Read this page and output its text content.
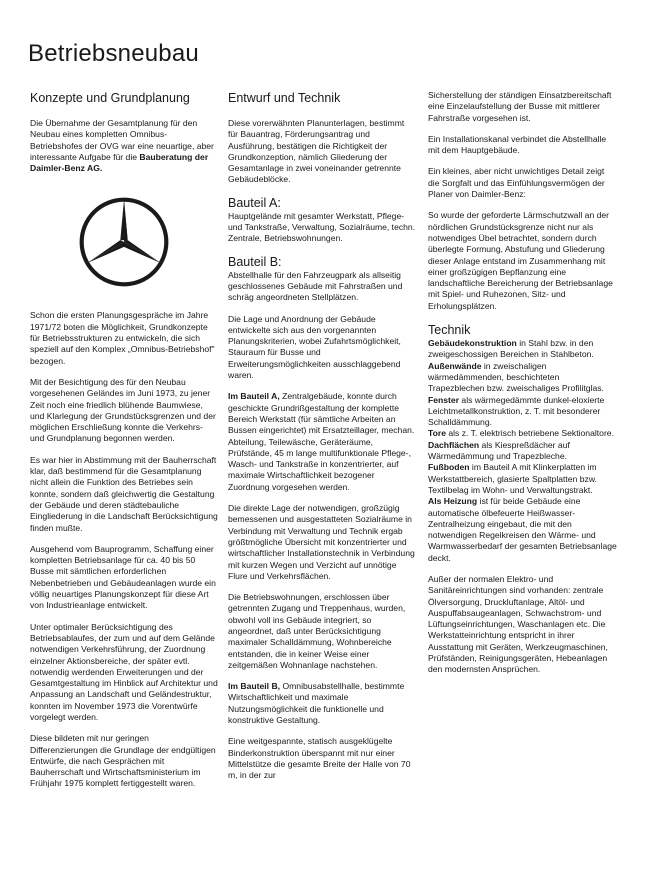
Betriebsneubau
Konzepte und Grundplanung

Die Übernahme der Gesamtplanung für den Neubau eines kompletten Omnibus-Betriebshofes der OVG war eine neuartige, aber interessante Aufgabe für die Bauberatung der Daimler-Benz AG.

Schon die ersten Planungsgespräche im Jahre 1971/72 boten die Möglichkeit, Grundkonzepte für Betriebsstrukturen zu entwickeln, die sich speziell auf den Komplex „Omnibus-Betriebshof" bezogen.

Mit der Besichtigung des für den Neubau vorgesehenen Geländes im Juni 1973, zu jener Zeit noch eine friedlich blühende Baumwiese, und Klarlegung der Grundstücksgrenzen und der möglichen Erschließung konnte die Verkehrs- und Grundplanung begonnen werden.

Es war hier in Abstimmung mit der Bauherrschaft klar, daß bestimmend für die Gesamtplanung nicht allein die Funktion des Betriebes sein konnte, sondern daß gleichwertig die Gestaltung der Gebäude und deren städtebauliche Eingliederung in die Landschaft Berücksichtigung finden mußte.

Ausgehend vom Bauprogramm, Schaffung einer kompletten Betriebsanlage für ca. 40 bis 50 Busse mit sämtlichen erforderlichen Nebenbetrieben und Gebäudeanlagen wurde ein völlig neuartiges Planungskonzept für diese Art von Industrieanlage entwickelt.

Unter optimaler Berücksichtigung des Betriebsablaufes, der zum und auf dem Gelände notwendigen Verkehrsführung, der Zuordnung einzelner Aktionsbereiche, der später evtl. notwendig werdenden Erweiterungen und der Gesamtgestaltung im Hinblick auf Architektur und Anpassung an Landschaft und Geländestruktur, konnten im November 1973 die Vorentwürfe vorgelegt werden.

Diese bildeten mit nur geringen Differenzierungen die Grundlage der endgültigen Entwürfe, die nach Gesprächen mit Bauherrschaft und Wirtschaftsministerium im Frühjahr 1975 komplett fertiggestellt waren.

Entwurf und Technik

Diese vorerwähnten Planunterlagen, bestimmt für Bauantrag, Förderungsantrag und Ausführung, bestätigen die Richtigkeit der Grundkonzeption, nämlich Gliederung der Gesamtanlage in zwei voneinander getrennte Gebäudeblöcke.

Bauteil A:

Hauptgelände mit gesamter Werkstatt, Pflege- und Tankstraße, Verwaltung, Sozialräume, techn. Zentrale, Betriebswohnungen.

Bauteil B:

Abstellhalle für den Fahrzeugpark als allseitig geschlossenes Gebäude mit Fahrstraßen und schräg angeordneten Stellplätzen.

Die Lage und Anordnung der Gebäude entwickelte sich aus den vorgenannten Planungskriterien, wobei Zufahrtsmöglichkeit, Stauraum für Busse und Erweiterungsmöglichkeiten ausschlaggebend waren.

Im Bauteil A, Zentralgebäude, konnte durch geschickte Grundrißgestaltung der komplette Bereich Werkstatt (für sämtliche Arbeiten an Bussen eingerichtet) mit Ersatzteillager, mechan. Abteilung, Teilewäsche, Geräteräume, Prüfstände, 45 m lange multifunktionale Pflege-, Wasch- und Tankstraße in konzentrierter, auf maximale Wirtschaftlichkeit bezogener Zuordnung vorgesehen werden.

Die direkte Lage der notwendigen, großzügig bemessenen und ausgestatteten Sozialräume in Verbindung mit Verwaltung und Technik ergab größtmögliche Übersicht mit konzentrierter und wirtschaftlicher Installationstechnik in Verbindung mit kurzen Wegen und Verzicht auf unnötige Flure und Verkehrsflächen.

Die Betriebswohnungen, erschlossen über getrennten Zugang und Treppenhaus, wurden, obwohl voll ins Gebäude integriert, so angeordnet, daß unter Berücksichtigung maximaler Schalldämmung, Wohnbereiche entstanden, die in keiner Weise einer zeitgemäßen Wohnanlage nachstehen.

Im Bauteil B, Omnibusabstellhalle, bestimmte Wirtschaftlichkeit und maximale Nutzungsmöglichkeit die funktionelle und konstruktive Gestaltung.

Eine weitgespannte, statisch ausgeklügelte Binderkonstruktion überspannt mit nur einer Mittelstütze die gesamte Breite der Halle von 70 m, in der zur

Sicherstellung der ständigen Einsatzbereitschaft eine Einzelaufstellung der Busse mit mittlerer Fahrstraße vorgesehen ist.

Ein Installationskanal verbindet die Abstellhalle mit dem Hauptgebäude.

Ein kleines, aber nicht unwichtiges Detail zeigt die Sorgfalt und das Einfühlungsvermögen der Planer von Daimler-Benz:

So wurde der geforderte Lärmschutzwall an der nördlichen Grundstücksgrenze nicht nur als notwendiges Übel betrachtet, sondern durch überlegte Formung, Abstufung und Gliederung dieser Anlage entstand im Zusammenhang mit einer großzügigen Bepflanzung eine landschaftliche Bereicherung der Betriebsanlage mit Spiel- und Ruhezonen, Sitz- und Erholungsplätzen.

Technik

Gebäudekonstruktion in Stahl bzw. in den zweigeschossigen Bereichen in Stahlbeton.

Außenwände in zweischaligen wärmedämmenden, beschichteten Trapezblechen bzw. zweischaliges Profilitglas.

Fenster als wärmegedämmte dunkel-eloxierte Leichtmetallkonstruktion, z. T. mit besonderer Schalldämmung.

Tore als z. T. elektrisch betriebene Sektionaltore.

Dachflächen als Kiespreßdächer auf Wärmedämmung und Trapezbleche.

Fußboden im Bauteil A mit Klinkerplatten im Werkstattbereich, glasierte Spaltplatten bzw. Textilbelag im Wohn- und Verwaltungstrakt.

Als Heizung ist für beide Gebäude eine automatische ölbefeuerte Heißwasser-Zentralheizung eingebaut, die mit den notwendigen Regelkreisen den Wärme- und Warmwasserbedarf der gesamten Betriebsanlage deckt.

Außer der normalen Elektro- und Sanitäreinrichtungen sind vorhanden: zentrale Ölversorgung, Druckluftanlage, Altöl- und Auspuffabsaugeanlagen, Schwachstrom- und Lüftungseinrichtungen, Waschanlagen etc. Die Werkstatteinrichtung entspricht in ihrer Ausstattung mit Geräten, Werkzeugmaschinen, Prüfständen, Reinigungsgeräten, Hebeanlagen den modernsten Ansprüchen.
